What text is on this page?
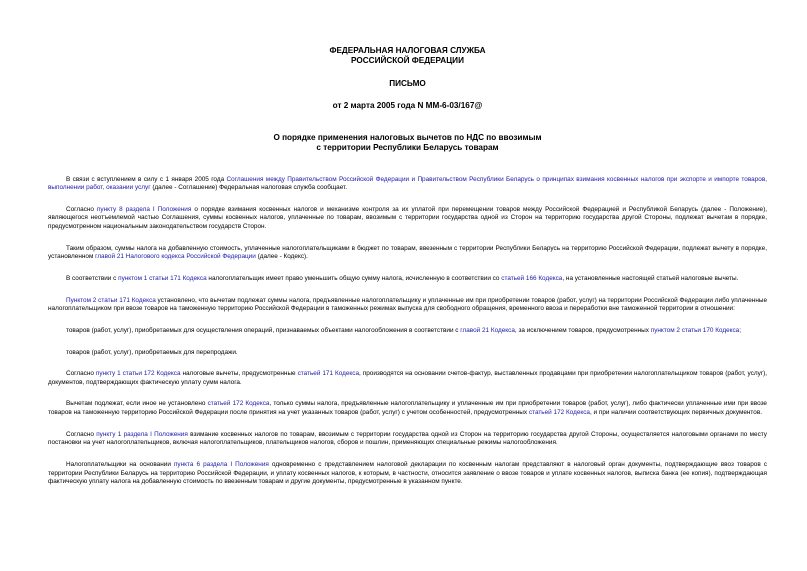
ФЕДЕРАЛЬНАЯ НАЛОГОВАЯ СЛУЖБА
РОССИЙСКОЙ ФЕДЕРАЦИИ
ПИСЬМО
от 2 марта 2005 года N ММ-6-03/167@
О порядке применения налоговых вычетов по НДС по ввозимым
с территории Республики Беларусь товарам

В связи с вступлением в силу с 1 января 2005 года Соглашения между Правительством Российской Федерации и Правительством Республики Беларусь о принципах взимания косвенных налогов при экспорте и импорте товаров, выполнении работ, оказании услуг (далее - Соглашение) Федеральная налоговая служба сообщает.

Согласно пункту 8 раздела I Положения о порядке взимания косвенных налогов и механизме контроля за их уплатой при перемещении товаров между Российской Федерацией и Республикой Беларусь (далее - Положение), являющегося неотъемлемой частью Соглашения, суммы косвенных налогов, уплаченные по товарам, ввозимым с территории государства одной из Сторон на территорию государства другой Стороны, подлежат вычетам в порядке, предусмотренном национальным законодательством государств Сторон.

Таким образом, суммы налога на добавленную стоимость, уплаченные налогоплательщиками в бюджет по товарам, ввезенным с территории Республики Беларусь на территорию Российской Федерации, подлежат вычету в порядке, установленном главой 21 Налогового кодекса Российской Федерации (далее - Кодекс).

В соответствии с пунктом 1 статьи 171 Кодекса налогоплательщик имеет право уменьшить общую сумму налога, исчисленную в соответствии со статьей 166 Кодекса, на установленные настоящей статьей налоговые вычеты.

Пунктом 2 статьи 171 Кодекса установлено, что вычетам подлежат суммы налога, предъявленные налогоплательщику и уплаченные им при приобретении товаров (работ, услуг) на территории Российской Федерации либо уплаченные налогоплательщиком при ввозе товаров на таможенную территорию Российской Федерации в таможенных режимах выпуска для свободного обращения, временного ввоза и переработки вне таможенной территории в отношении:

товаров (работ, услуг), приобретаемых для осуществления операций, признаваемых объектами налогообложения в соответствии с главой 21 Кодекса, за исключением товаров, предусмотренных пунктом 2 статьи 170 Кодекса;

товаров (работ, услуг), приобретаемых для перепродажи.

Согласно пункту 1 статьи 172 Кодекса налоговые вычеты, предусмотренные статьей 171 Кодекса, производятся на основании счетов-фактур, выставленных продавцами при приобретении налогоплательщиком товаров (работ, услуг), документов, подтверждающих фактическую уплату сумм налога.

Вычетам подлежат, если иное не установлено статьей 172 Кодекса, только суммы налога, предъявленные налогоплательщику и уплаченные им при приобретении товаров (работ, услуг), либо фактически уплаченные ими при ввозе товаров на таможенную территорию Российской Федерации после принятия на учет указанных товаров (работ, услуг) с учетом особенностей, предусмотренных статьей 172 Кодекса, и при наличии соответствующих первичных документов.

Согласно пункту 1 раздела I Положения взимание косвенных налогов по товарам, ввозимым с территории государства одной из Сторон на территорию государства другой Стороны, осуществляется налоговыми органами по месту постановки на учет налогоплательщиков, включая налогоплательщиков, плательщиков налогов, сборов и пошлин, применяющих специальные режимы налогообложения.

Налогоплательщики на основании пункта 6 раздела I Положения одновременно с представлением налоговой декларации по косвенным налогам представляют в налоговый орган документы, подтверждающие ввоз товаров с территории Республики Беларусь на территорию Российской Федерации, и уплату косвенных налогов, к которым, в частности, относится заявление о ввозе товаров и уплате косвенных налогов, выписка банка (ее копия), подтверждающая фактическую уплату налога на добавленную стоимость по ввезенным товарам и другие документы, предусмотренные в указанном пункте.
